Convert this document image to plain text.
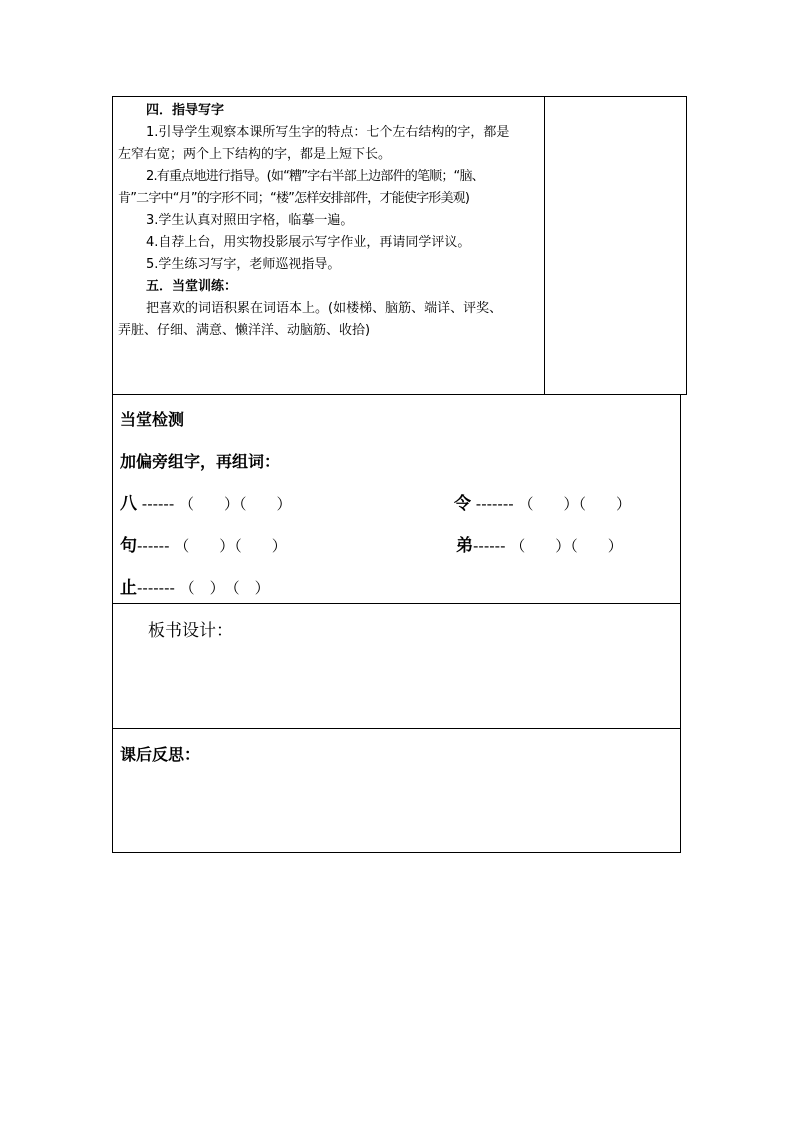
四．指导写字

1.引导学生观察本课所写生字的特点：七个左右结构的字，都是

左窄右宽；两个上下结构的字，都是上短下长。

2.有重点地进行指导。(如“糟”字右半部上边部件的笔顺；“脑、

肯”二字中“月”的字形不同；“楼”怎样安排部件，才能使字形美观)

3.学生认真对照田字格，临摹一遍。

4.自荐上台，用实物投影展示写字作业，再请同学评议。

5.学生练习写字，老师巡视指导。

五．当堂训练：

把喜欢的词语积累在词语本上。(如楼梯、脑筋、端详、评奖、

弄脏、仔细、满意、懒洋洋、动脑筋、收拾)

当堂检测
加偏旁组字，再组词：
八 ------ （　　）（　　）	令 ------- （　　）（　　）
句------ （　　）（　　）	弟------ （　　）（　　）
止------- （　）　（　）
板书设计：
课后反思：
